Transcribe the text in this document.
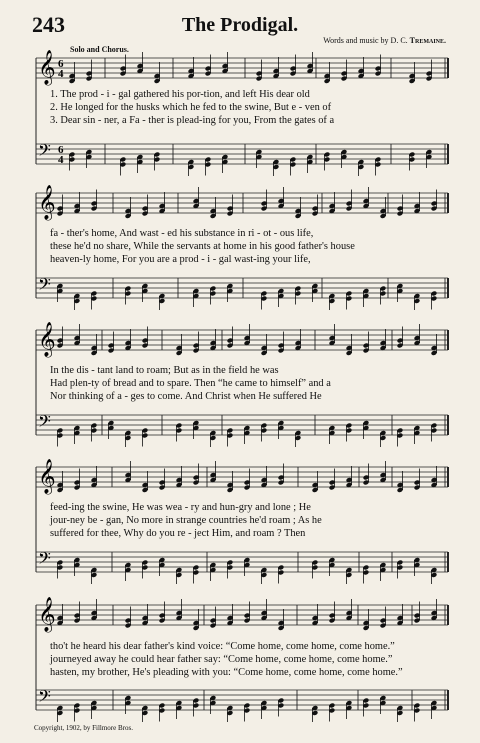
243	The Prodigal.
Words and music by D. C. Tremaine.
Solo and Chorus.
𝄞 6
4
𝄢 6
4
𝄞
𝄢
𝄞
𝄢
𝄞
𝄢
𝄞
𝄢
1. The prod - i - gal gathered his por-tion, and left His dear old
2. He longed for the husks which he fed to the swine, But e - ven of
3. Dear sin - ner, a Fa - ther is plead-ing for you, From the gates of a
fa - ther's home, And wast - ed his substance in ri - ot - ous life,
these he'd no share, While the servants at home in his good father's house
heaven-ly home, For you are a prod - i - gal wast-ing your life,
In the dis - tant land to roam; But as in the field he was
Had plen-ty of bread and to spare. Then “he came to himself” and a
Nor thinking of a - ges to come. And Christ when He suffered He
feed-ing the swine, He was wea - ry and hun-gry and lone ; He
jour-ney be - gan, No more in strange countries he'd roam ; As he
suffered for thee, Why do you re - ject Him, and roam ? Then
tho't he heard his dear father's kind voice: “Come home, come home, come home.”
journeyed away he could hear father say: “Come home, come home, come home.”
hasten, my brother, He's pleading with you: “Come home, come home, come home.”
Copyright, 1902, by Fillmore Bros.
